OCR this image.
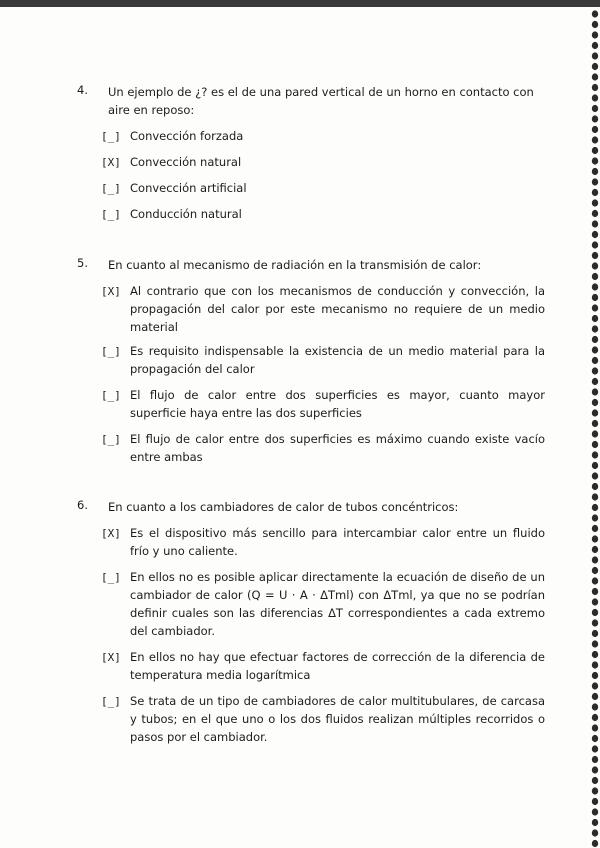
4. Un ejemplo de ¿? es el de una pared vertical de un horno en contacto con aire en reposo:
[_] Convección forzada
[X] Convección natural
[_] Convección artificial
[_] Conducción natural
5. En cuanto al mecanismo de radiación en la transmisión de calor:
[X] Al contrario que con los mecanismos de conducción y convección, la propagación del calor por este mecanismo no requiere de un medio material
[_] Es requisito indispensable la existencia de un medio material para la propagación del calor
[_] El flujo de calor entre dos superficies es mayor, cuanto mayor superficie haya entre las dos superficies
[_] El flujo de calor entre dos superficies es máximo cuando existe vacío entre ambas
6. En cuanto a los cambiadores de calor de tubos concéntricos:
[X] Es el dispositivo más sencillo para intercambiar calor entre un fluido frío y uno caliente.
[_] En ellos no es posible aplicar directamente la ecuación de diseño de un cambiador de calor (Q = U · A · ΔTml) con ΔTml, ya que no se podrían definir cuales son las diferencias ΔT correspondientes a cada extremo del cambiador.
[X] En ellos no hay que efectuar factores de corrección de la diferencia de temperatura media logarítmica
[_] Se trata de un tipo de cambiadores de calor multitubulares, de carcasa y tubos; en el que uno o los dos fluidos realizan múltiples recorridos o pasos por el cambiador.
